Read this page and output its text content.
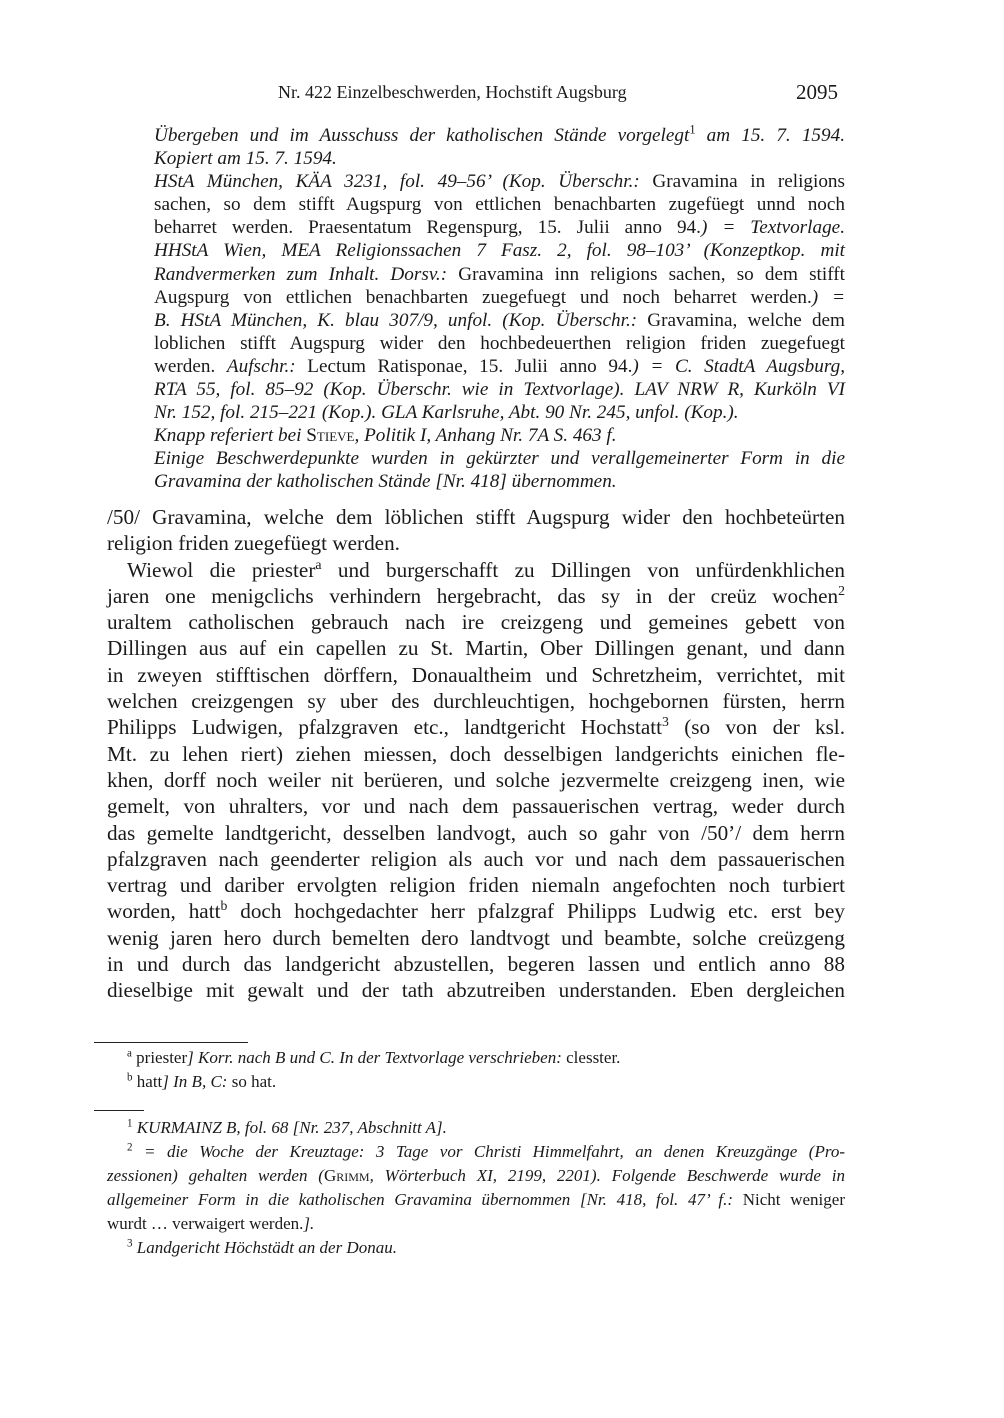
Nr. 422 Einzelbeschwerden, Hochstift Augsburg	2095
Übergeben und im Ausschuss der katholischen Stände vorgelegt$^1$ am 15. 7. 1594.
Kopiert am 15. 7. 1594.
HStA München, KÄA 3231, fol. 49–56’ (Kop. Überschr.: Gravamina in religions
sachen, so dem stifft Augspurg von ettlichen benachbarten zugefüegt unnd noch
beharret werden. Praesentatum Regenspurg, 15. Julii anno 94.) = Textvorlage.
HHStA Wien, MEA Religionssachen 7 Fasz. 2, fol. 98–103’ (Konzeptkop. mit
Randvermerken zum Inhalt. Dorsv.: Gravamina inn religions sachen, so dem stifft
Augspurg von ettlichen benachbarten zuegefuegt und noch beharret werden.) =
B. HStA München, K. blau 307/9, unfol. (Kop. Überschr.: Gravamina, welche dem
loblichen stifft Augspurg wider den hochbedeuerthen religion friden zuegefuegt
werden. Aufschr.: Lectum Ratisponae, 15. Julii anno 94.) = C. StadtA Augsburg,
RTA 55, fol. 85–92 (Kop. Überschr. wie in Textvorlage). LAV NRW R, Kurköln VI
Nr. 152, fol. 215–221 (Kop.). GLA Karlsruhe, Abt. 90 Nr. 245, unfol. (Kop.).
Knapp referiert bei Stieve, Politik I, Anhang Nr. 7A S. 463 f.
Einige Beschwerdepunkte wurden in gekürzter und verallgemeinerter Form in die
Gravamina der katholischen Stände [Nr. 418] übernommen.
/50/ Gravamina, welche dem löblichen stifft Augspurg wider den hochbeteürten
religion friden zuegefüegt werden.
Wiewol die priester$^a$ und burgerschafft zu Dillingen von unfürdenkhlichen
jaren one menigclichs verhindern hergebracht, das sy in der creüz wochen$^2$
uraltem catholischen gebrauch nach ire creizgeng und gemeines gebett von
Dillingen aus auf ein capellen zu St. Martin, Ober Dillingen genant, und dann
in zweyen stifftischen dörffern, Donaualtheim und Schretzheim, verrichtet, mit
welchen creizgengen sy uber des durchleuchtigen, hochgebornen fürsten, herrn
Philipps Ludwigen, pfalzgraven etc., landtgericht Hochstatt$^3$ (so von der ksl.
Mt. zu lehen riert) ziehen miessen, doch desselbigen landgerichts einichen fle-
khen, dorff noch weiler nit berüeren, und solche jezvermelte creizgeng inen, wie
gemelt, von uhralters, vor und nach dem passauerischen vertrag, weder durch
das gemelte landtgericht, desselben landvogt, auch so gahr von /50’/ dem herrn
pfalzgraven nach geenderter religion als auch vor und nach dem passauerischen
vertrag und dariber ervolgten religion friden niemaln angefochten noch turbiert
worden, hatt$^b$ doch hochgedachter herr pfalzgraf Philipps Ludwig etc. erst bey
wenig jaren hero durch bemelten dero landtvogt und beambte, solche creüzgeng
in und durch das landgericht abzustellen, begeren lassen und entlich anno 88
dieselbige mit gewalt und der tath abzutreiben understanden. Eben dergleichen
$^a$ priester] Korr. nach B und C. In der Textvorlage verschrieben: clesster.
$^b$ hatt] In B, C: so hat.
$^1$ KURMAINZ B, fol. 68 [Nr. 237, Abschnitt A].
$^2$ = die Woche der Kreuztage: 3 Tage vor Christi Himmelfahrt, an denen Kreuzgänge (Pro-
zessionen) gehalten werden (Grimm, Wörterbuch XI, 2199, 2201). Folgende Beschwerde wurde in
allgemeiner Form in die katholischen Gravamina übernommen [Nr. 418, fol. 47’ f.: Nicht weniger
wurdt … verwaigert werden.].
$^3$ Landgericht Höchstädt an der Donau.
